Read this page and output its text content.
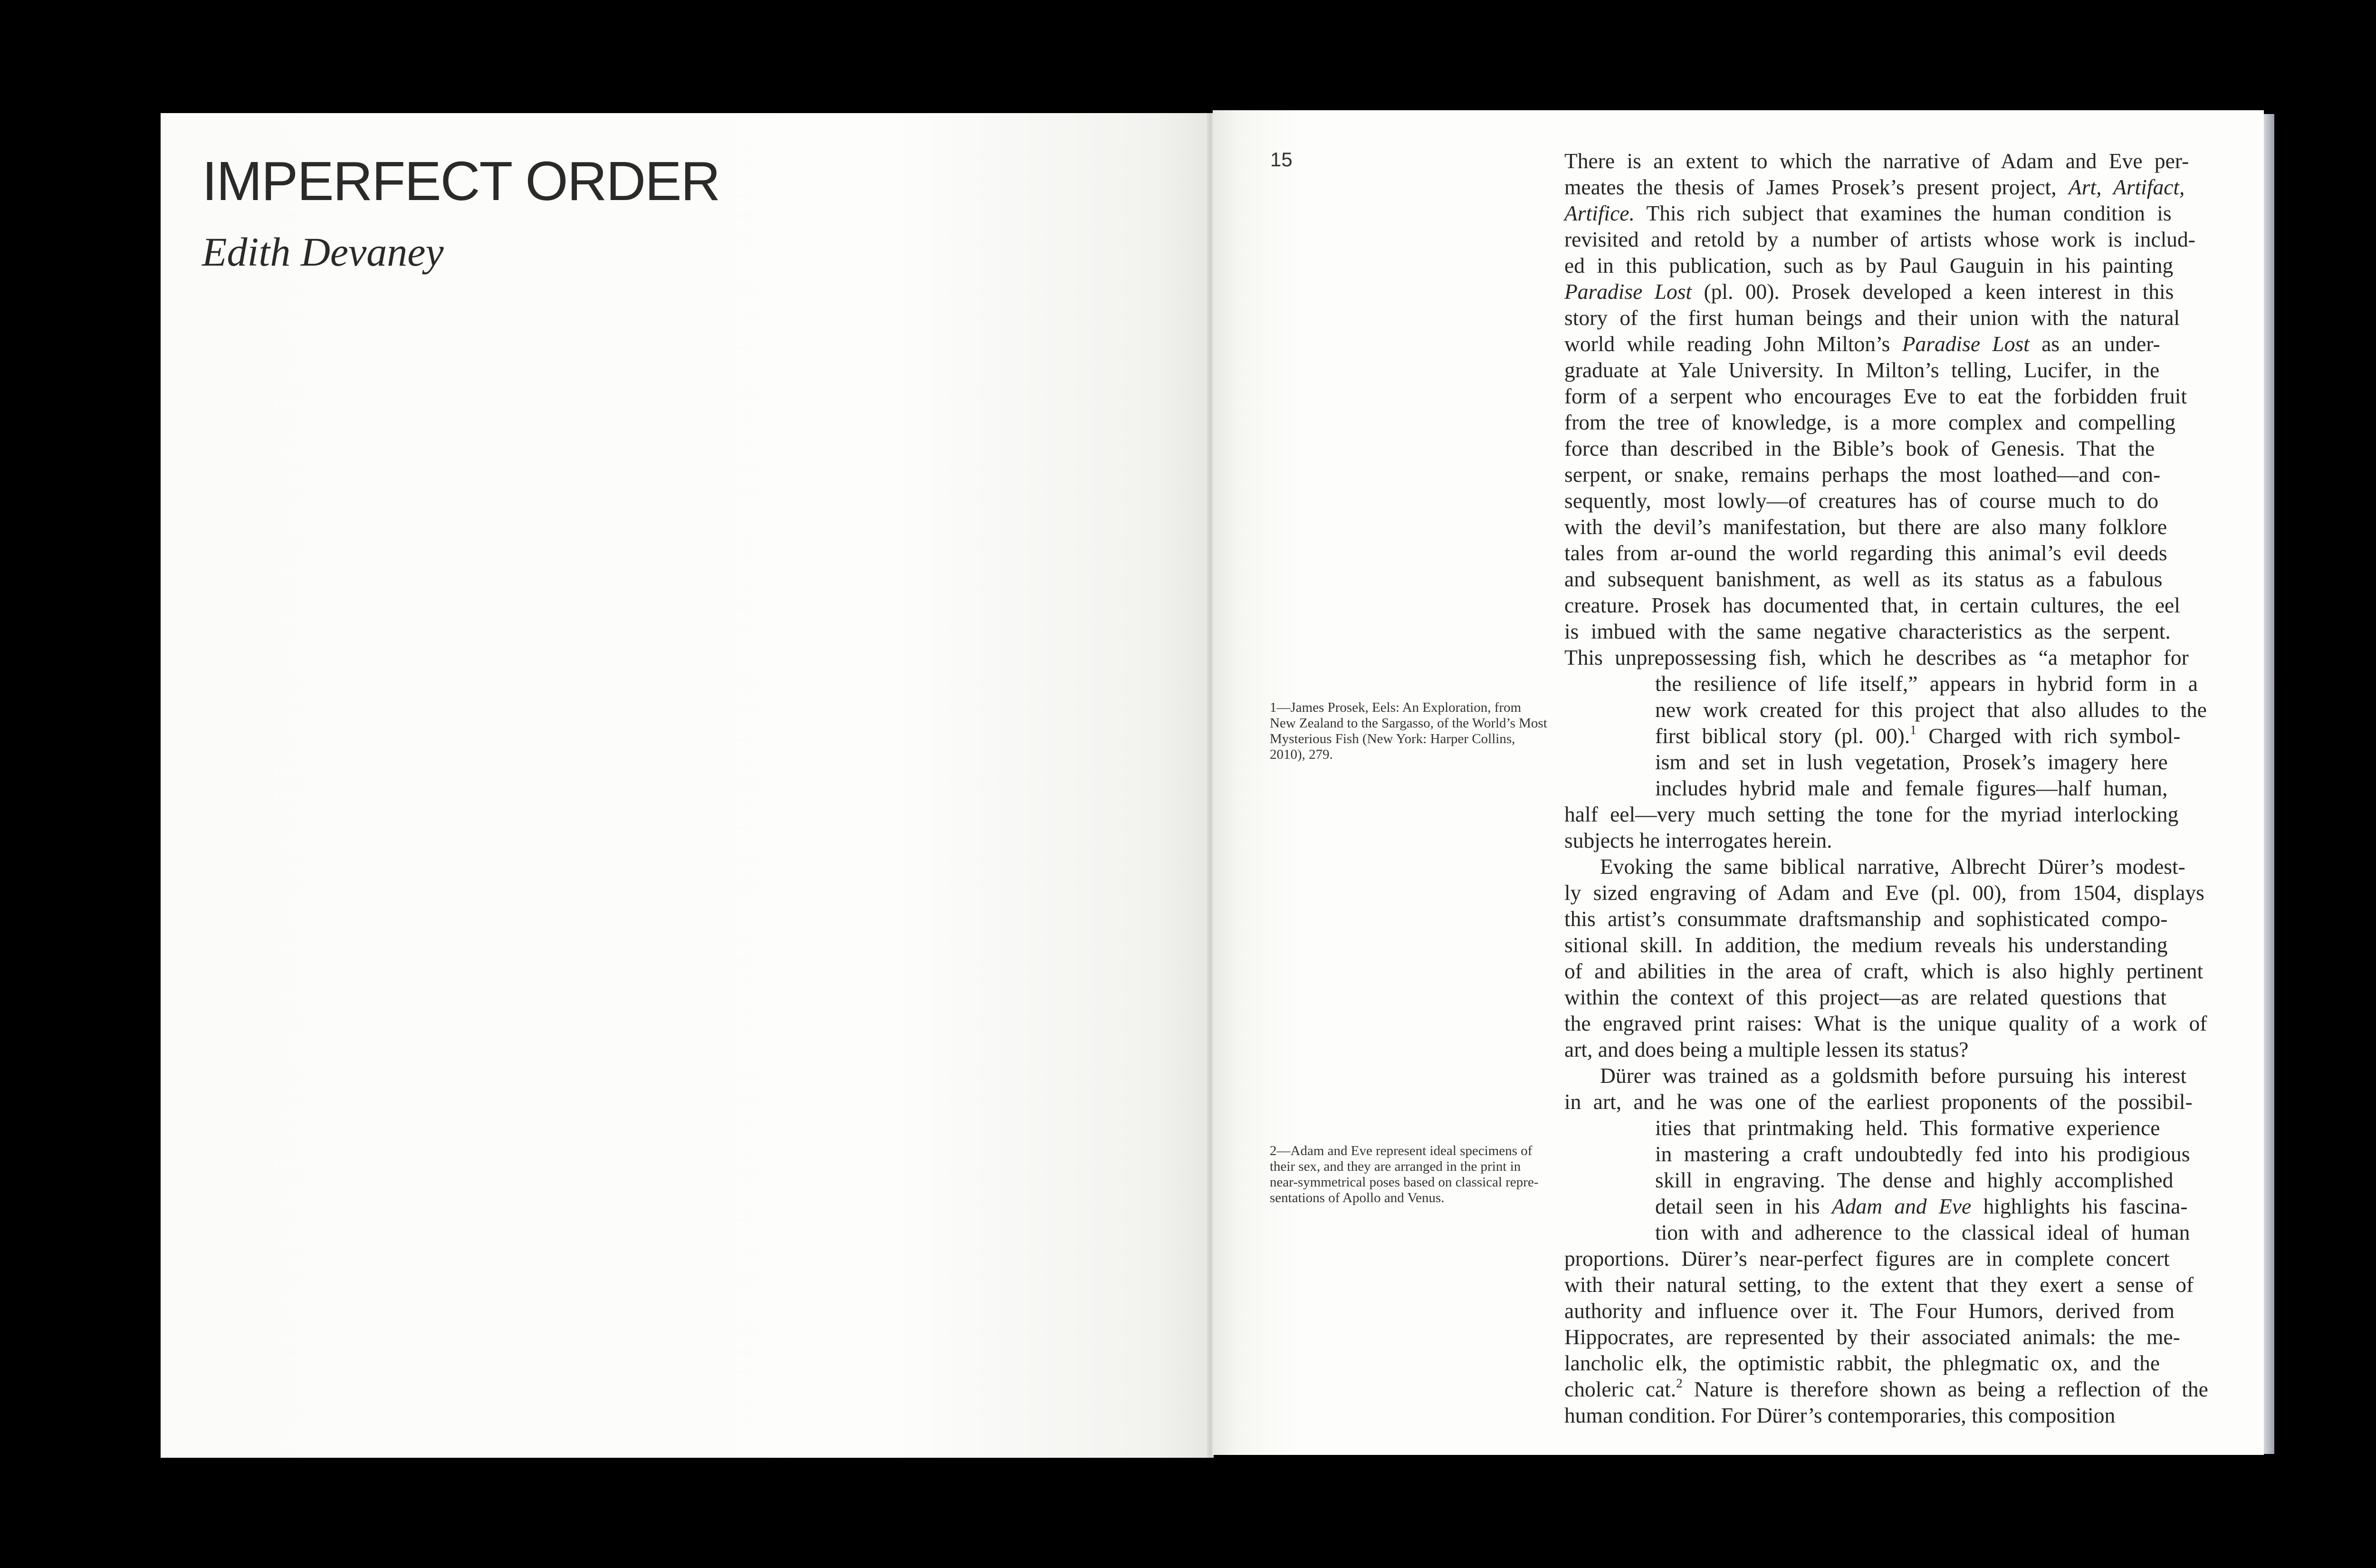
IMPERFECT ORDER
Edith Devaney
15	There is an extent to which the narrative of Adam and Eve per-

meates the thesis of James Prosek’s present project, Art, Artifact,

Artifice. This rich subject that examines the human condition is

revisited and retold by a number of artists whose work is includ-

ed in this publication, such as by Paul Gauguin in his painting

Paradise Lost (pl. 00). Prosek developed a keen interest in this

story of the first human beings and their union with the natural

world while reading John Milton’s Paradise Lost as an under-

graduate at Yale University. In Milton’s telling, Lucifer, in the

form of a serpent who encourages Eve to eat the forbidden fruit

from the tree of knowledge, is a more complex and compelling

force than described in the Bible’s book of Genesis. That the

serpent, or snake, remains perhaps the most loathed—and con-

sequently, most lowly—of creatures has of course much to do

with the devil’s manifestation, but there are also many folklore

tales from ar-ound the world regarding this animal’s evil deeds

and subsequent banishment, as well as its status as a fabulous

creature. Prosek has documented that, in certain cultures, the eel

is imbued with the same negative characteristics as the serpent.

This unprepossessing fish, which he describes as “a metaphor for

the resilience of life itself,” appears in hybrid form in a

new work created for this project that also alludes to the

first biblical story (pl. 00).$^1$ Charged with rich symbol-

ism and set in lush vegetation, Prosek’s imagery here

includes hybrid male and female figures—half human,

half eel—very much setting the tone for the myriad interlocking

subjects he interrogates herein.

Evoking the same biblical narrative, Albrecht Dürer’s modest-

ly sized engraving of Adam and Eve (pl. 00), from 1504, displays

this artist’s consummate draftsmanship and sophisticated compo-

sitional skill. In addition, the medium reveals his understanding

of and abilities in the area of craft, which is also highly pertinent

within the context of this project—as are related questions that

the engraved print raises: What is the unique quality of a work of

art, and does being a multiple lessen its status?

Dürer was trained as a goldsmith before pursuing his interest

in art, and he was one of the earliest proponents of the possibil-

ities that printmaking held. This formative experience

in mastering a craft undoubtedly fed into his prodigious

skill in engraving. The dense and highly accomplished

detail seen in his Adam and Eve highlights his fascina-

tion with and adherence to the classical ideal of human

proportions. Dürer’s near-perfect figures are in complete concert

with their natural setting, to the extent that they exert a sense of

authority and influence over it. The Four Humors, derived from

Hippocrates, are represented by their associated animals: the me-

lancholic elk, the optimistic rabbit, the phlegmatic ox, and the

choleric cat.$^2$ Nature is therefore shown as being a reflection of the

human condition. For Dürer’s contemporaries, this composition

1—James Prosek, Eels: An Exploration, from

New Zealand to the Sargasso, of the World’s Most

Mysterious Fish (New York: Harper Collins,

2010), 279.

2—Adam and Eve represent ideal specimens of

their sex, and they are arranged in the print in

near-symmetrical poses based on classical repre-

sentations of Apollo and Venus.
